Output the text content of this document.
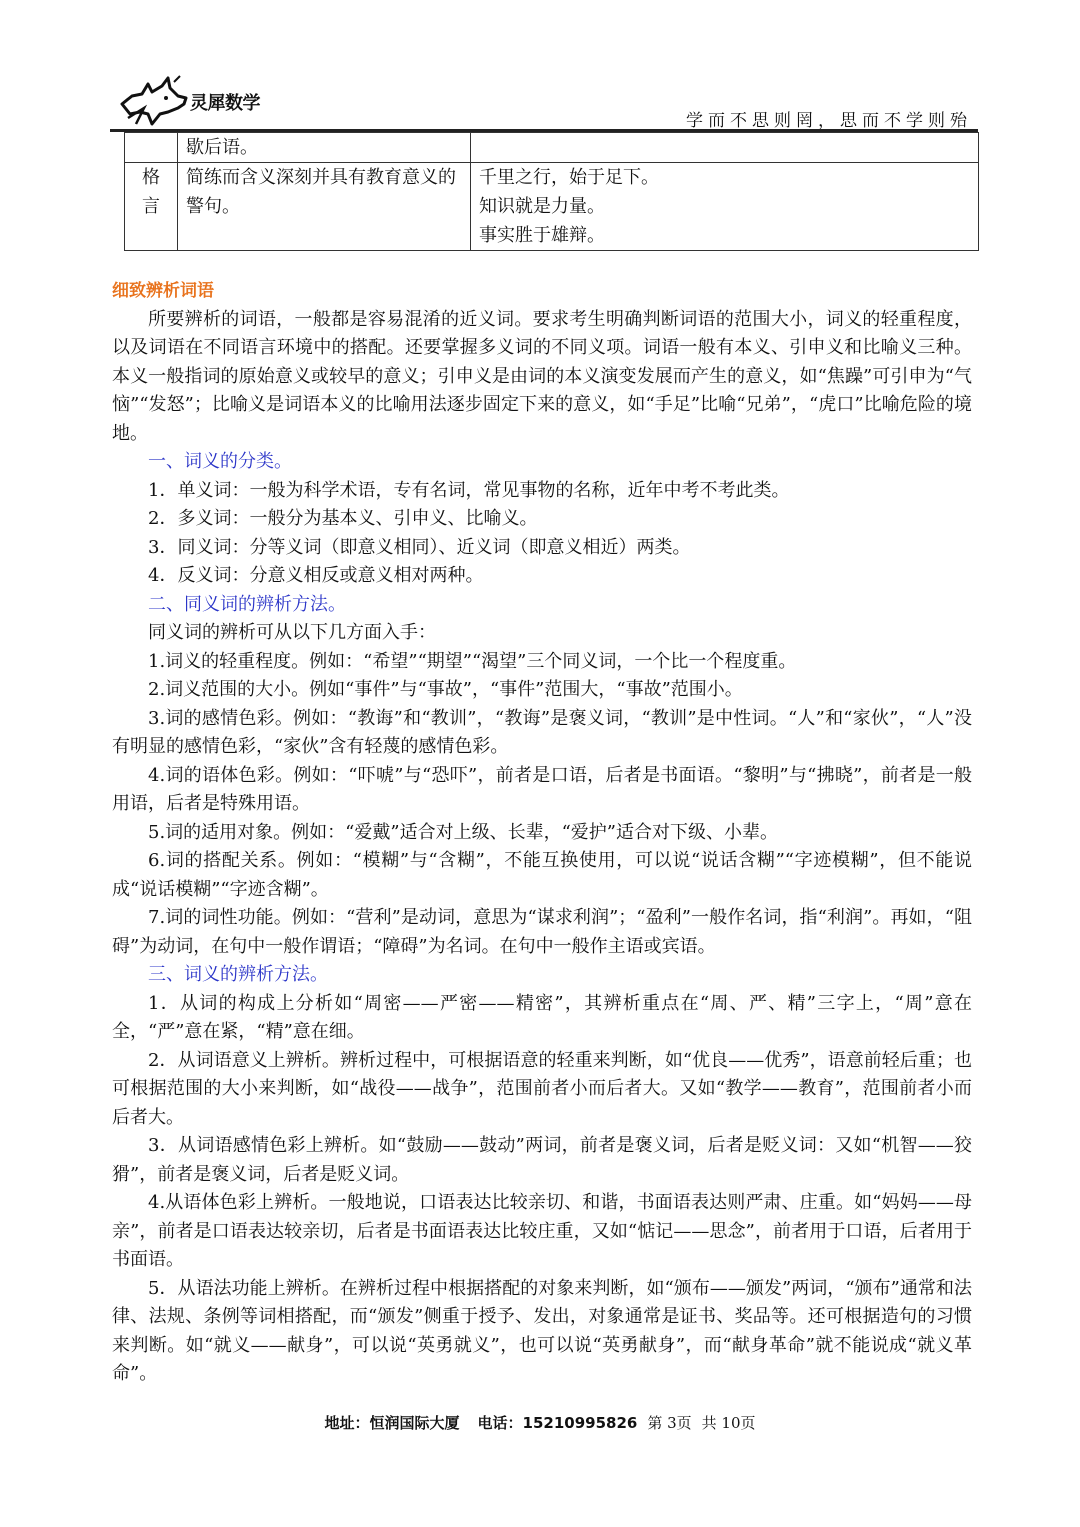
灵犀数学
学而不思则罔，思而不学则殆
	歇后语。	

格言	简练而含义深刻并具有教育意义的警句。	千里之行，始于足下。
知识就是力量。
事实胜于雄辩。

细致辨析词语

所要辨析的词语，一般都是容易混淆的近义词。要求考生明确判断词语的范围大小，词义的轻重程度，以及词语在不同语言环境中的搭配。还要掌握多义词的不同义项。词语一般有本义、引申义和比喻义三种。本义一般指词的原始意义或较早的意义；引申义是由词的本义演变发展而产生的意义，如“焦躁”可引申为“气恼”“发怒”；比喻义是词语本义的比喻用法逐步固定下来的意义，如“手足”比喻“兄弟”，“虎口”比喻危险的境地。

一、词义的分类。

1．单义词：一般为科学术语，专有名词，常见事物的名称，近年中考不考此类。

2．多义词：一般分为基本义、引申义、比喻义。

3．同义词：分等义词（即意义相同）、近义词（即意义相近）两类。

4．反义词：分意义相反或意义相对两种。

二、同义词的辨析方法。

同义词的辨析可从以下几方面入手：

1.词义的轻重程度。例如：“希望”“期望”“渴望”三个同义词，一个比一个程度重。

2.词义范围的大小。例如“事件”与“事故”，“事件”范围大，“事故”范围小。

3.词的感情色彩。例如：“教诲”和“教训”，“教诲”是褒义词，“教训”是中性词。“人”和“家伙”，“人”没有明显的感情色彩，“家伙”含有轻蔑的感情色彩。

4.词的语体色彩。例如：“吓唬”与“恐吓”，前者是口语，后者是书面语。“黎明”与“拂晓”，前者是一般用语，后者是特殊用语。

5.词的适用对象。例如：“爱戴”适合对上级、长辈，“爱护”适合对下级、小辈。

6.词的搭配关系。例如：“模糊”与“含糊”，不能互换使用，可以说“说话含糊”“字迹模糊”，但不能说成“说话模糊”“字迹含糊”。

7.词的词性功能。例如：“营利”是动词，意思为“谋求利润”；“盈利”一般作名词，指“利润”。再如，“阻碍”为动词，在句中一般作谓语；“障碍”为名词。在句中一般作主语或宾语。

三、词义的辨析方法。

1．从词的构成上分析如“周密——严密——精密”，其辨析重点在“周、严、精”三字上，“周”意在全，“严”意在紧，“精”意在细。

2．从词语意义上辨析。辨析过程中，可根据语意的轻重来判断，如“优良——优秀”，语意前轻后重；也可根据范围的大小来判断，如“战役——战争”，范围前者小而后者大。又如“教学——教育”，范围前者小而后者大。

3．从词语感情色彩上辨析。如“鼓励——鼓动”两词，前者是褒义词，后者是贬义词：又如“机智——狡猾”，前者是褒义词，后者是贬义词。

4.从语体色彩上辨析。一般地说，口语表达比较亲切、和谐，书面语表达则严肃、庄重。如“妈妈——母亲”，前者是口语表达较亲切，后者是书面语表达比较庄重，又如“惦记——思念”，前者用于口语，后者用于书面语。

5．从语法功能上辨析。在辨析过程中根据搭配的对象来判断，如“颁布——颁发”两词，“颁布”通常和法律、法规、条例等词相搭配，而“颁发”侧重于授予、发出，对象通常是证书、奖品等。还可根据造句的习惯来判断。如“就义——献身”，可以说“英勇就义”，也可以说“英勇献身”，而“献身革命”就不能说成“就义革命”。

地址：恒润国际大厦 电话：15210995826 第 3页 共 10页
